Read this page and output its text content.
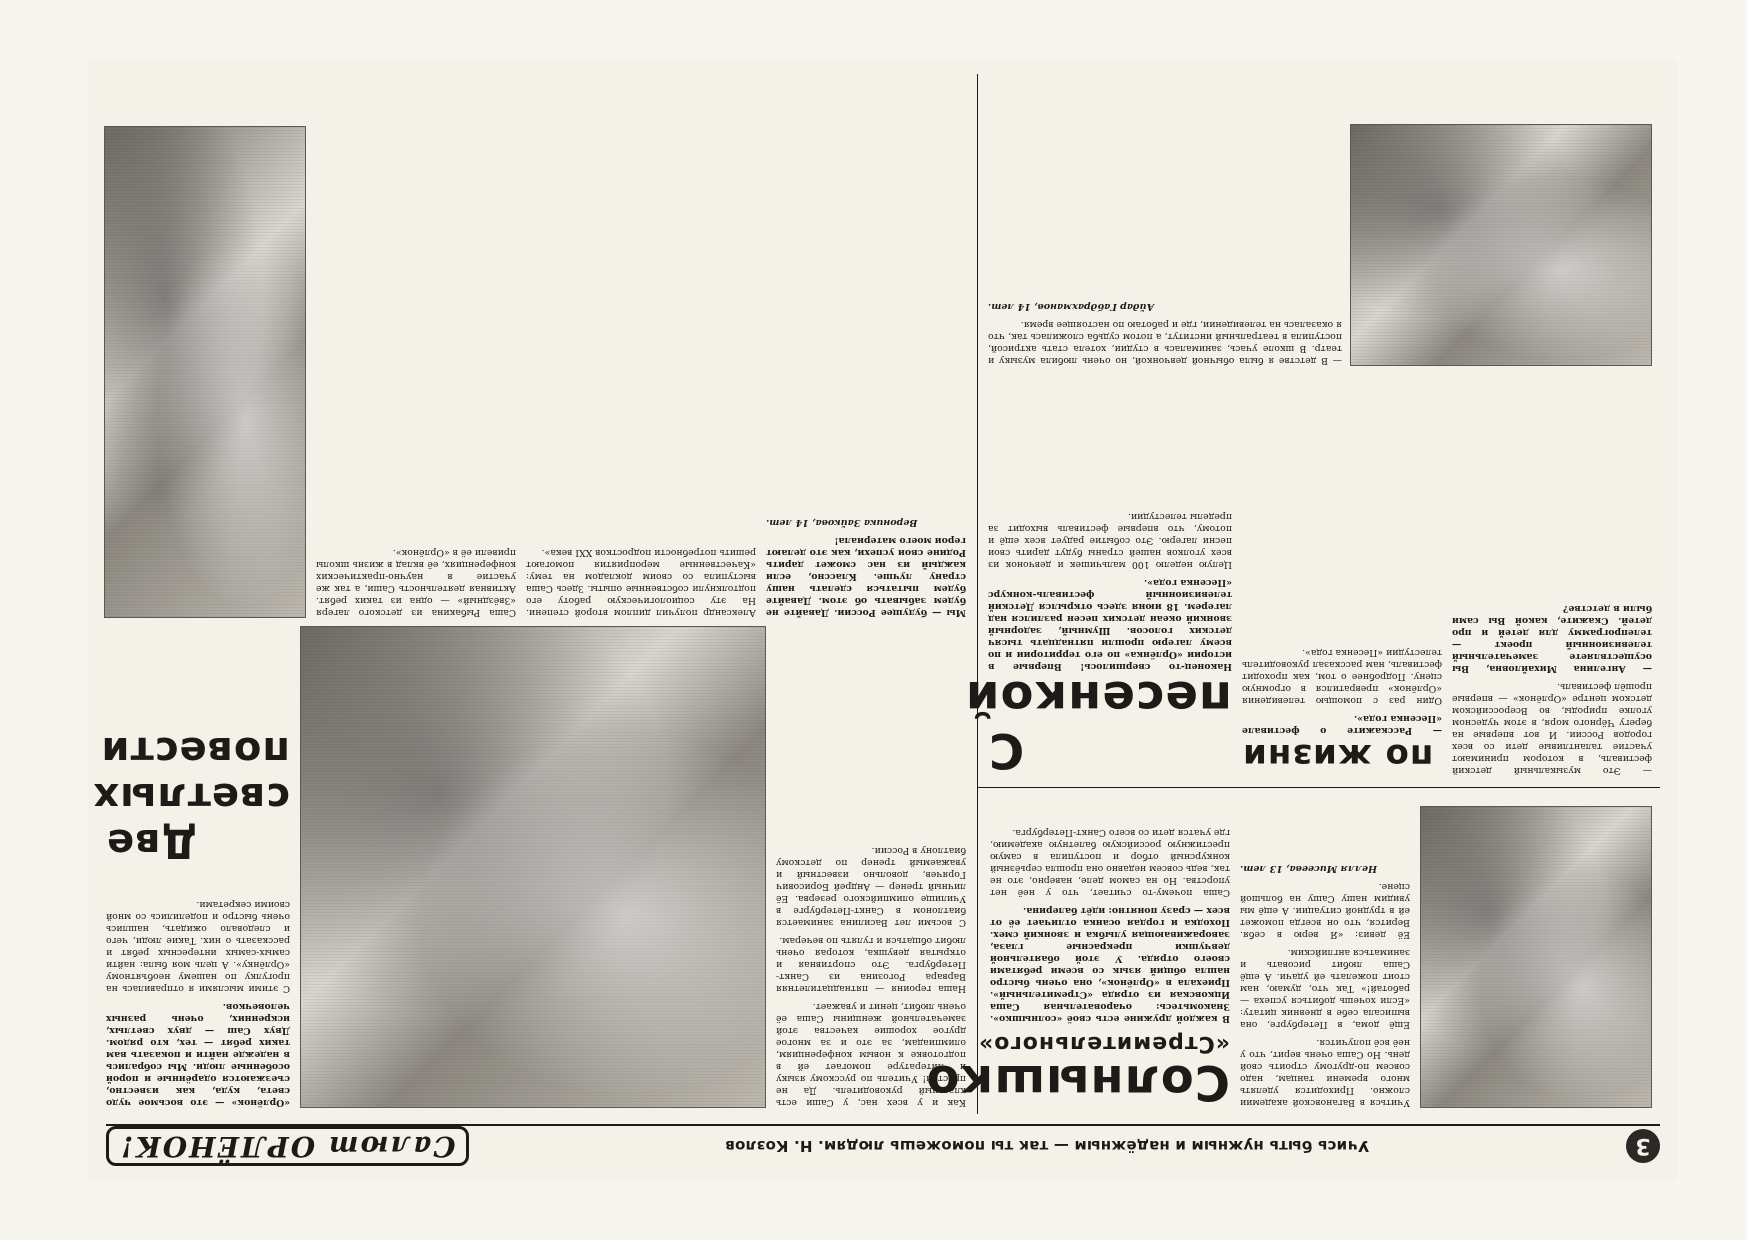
3
Учись быть нужным и надёжным — так ты поможешь людям. Н. Козлов
Салют ОРЛЁНОК!

Учиться в Вагановской академии сложно. Приходится уделять много времени танцам, надо совсем по-другому строить свой день. Но Саша очень верит, что у неё всё получится.

Ещё дома, в Петербурге, она выписала себе в дневник цитату: «Если хочешь добиться успеха — работай!» Так что, думаю, нам стоит пожелать ей удачи. А ещё Саша любит рисовать и заниматься английским.

Её девиз: «Я верю в себя. Верится, что он всегда поможет ей в трудной ситуации. А ещё мы увидим нашу Сашу на большой сцене.

Нелля Мисеева, 13 лет.
Солнышко
«Стремительного»

В каждой дружине есть своё «солнышко». Знакомьтесь: очаровательная Саша Ицковская из отряда «Стремительный». Приехала в «Орлёнок», она очень быстро нашла общий язык со всеми ребятами своего отряда. У этой обаятельной девчушки прекрасные глаза, завораживающая улыбка и звонкий смех. Походка и гордая осанка отличает её от всех — сразу понятно: идёт балерина.

Саша почему-то считает, что у неё нет упорства. Но на самом деле, наверно, это не так, ведь совсем недавно она прошла серьёзный конкурсный отбор и поступила в самую престижную российскую балетную академию, где учатся дети со всего Санкт-Петербурга.

— Это музыкальный детский фестиваль, в котором принимают участие талантливые дети со всех городов России. И вот впервые на берегу Чёрного моря, в этом чудесном уголке природы, во Всероссийском детском центре «Орлёнок» — впервые прошёл фестиваль.

— Ангелина Михайловна, Вы осуществляете замечательный телевизионный проект — телепрограмму для детей и про детей. Скажите, какой Вы сами были в детстве?

по жизни

— Расскажите о фестивале «Песенка года».

Один раз с помощью телевидения «Орлёнок» превратился в огромную сцену. Подробнее о том, как проходит фестиваль, нам рассказал руководитель телестудии «Песенка года».

С песенкой

Наконец-то свершилось! Впервые в истории «Орлёнка» по его территории и по всему лагерю прошли пятнадцать тысяч детских голосов. Шумный, задорный звонкий океан детских песен разлился над лагерем. 18 июня здесь открылся Детский телевизионный фестиваль-конкурс «Песенка года».

Целую неделю 100 мальчишек и девчонок из всех уголков нашей страны будут дарить свои песни лагерю. Это событие радует всех ещё и потому, что впервые фестиваль выходит за пределы телестудии.

— В детстве я была обычной девчонкой, но очень любила музыку и театр. В школе учась, занималась в студии, хотела стать актрисой, поступила в театральный институт, а потом судьба сложилась так, что я оказалась на телевидении, где и работаю по настоящее время.

Айдар Габдрахманов, 14 лет.

Как и у всех нас, у Саши есть классный руководитель. Да не простой! Учитель по русскому языку и литературе помогает ей в подготовке к новым конференциям, олимпиадам, за это и за многое другое хорошие качества этой замечательной женщины Саша её очень любит, ценит и уважает.

Наша героиня — пятнадцатилетняя Варвара Рогозина из Санкт-Петербурга. Это спортивная и открытая девушка, которая очень любит общаться и гулять по вечерам.

С восьми лет Василина занимается биатлоном в Санкт-Петербурге в Училище олимпийского резерва. Её личный тренер — Андрей Борисович Горячев, довольно известный и уважаемый тренер по детскому биатлону в России.

«Орлёнок» — это восьмое чудо света, куда, как известно, съезжаются одарённые и порой особенные люди. Мы собрались в надежде найти и показать вам таких ребят — тех, кто рядом. Двух Саш — двух светлых, искренних, очень разных человечков.

С этими мыслями я отправилась на прогулку по нашему необъятному «Орлёнку». А цель моя была: найти самых-самых интересных ребят и рассказать о них. Такие люди, чего и следовало ожидать, нашлись очень быстро и поделились со мной своими секретами.

Две
светлых
повести

Мы — будущее России. Давайте не будем забывать об этом. Давайте будем пытаться сделать нашу страну лучше. Классно, если каждый из нас сможет дарить Родине свои успехи, как это делают герои моего материала!

Вероника Зайкова, 14 лет.

Александр получил диплом второй степени. На эту социологическую работу его подтолкнули собственные опыты. Здесь Саша выступила со своим докладом на тему: «Качественные мероприятия помогают решить потребности подростков XXI века».

Саша Рыбакина из детского лагеря «Звёздный» — одна из таких ребят. Активная деятельность Саши, а так же участие в научно-практических конференциях, её вклад в жизнь школы привели её в «Орлёнок».
